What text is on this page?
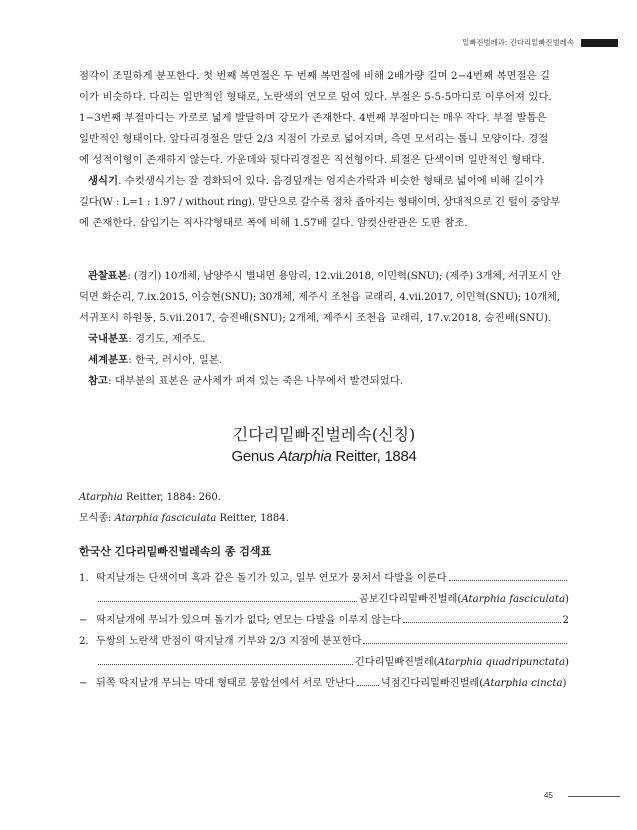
밑빠진벌레과: 긴다리밑빠진벌레속

점각이 조밀하게 분포한다. 첫 번째 복면절은 두 번째 복면절에 비해 2배가량 길며 2−4번째 복면절은 길

이가 비슷하다. 다리는 일반적인 형태로, 노란색의 연모로 덮여 있다. 부절은 5-5-5마디로 이루어져 있다.

1−3번째 부절마디는 가로로 넓게 발달하며 강모가 존재한다. 4번째 부절마디는 매우 작다. 부절 발톱은

일반적인 형태이다. 앞다리경절은 말단 2/3 지점이 가로로 넓어지며, 측면 모서리는 톱니 모양이다. 경절

에 성적이형이 존재하지 않는다. 가운데와 뒷다리경절은 직선형이다. 퇴절은 단색이며 일반적인 형태다.

생식기. 수컷생식기는 잘 경화되어 있다. 음경덮개는 엄지손가락과 비슷한 형태로 넓이에 비해 길이가

길다(W : L=1 : 1.97 / without ring). 말단으로 갈수록 점차 좁아지는 형태이며, 상대적으로 긴 털이 중앙부

에 존재한다. 삽입기는 직사각형태로 폭에 비해 1.57배 길다. 암컷산란관은 도판 참조.

관찰표본: (경기) 10개체, 남양주시 별내면 용암리, 12.vii.2018, 이민혁(SNU); (제주) 3개체, 서귀포시 안

덕면 화순리, 7.ix.2015, 이승현(SNU); 30개체, 제주시 조천읍 교래리, 4.vii.2017, 이민혁(SNU); 10개체,

서귀포시 하원동, 5.vii.2017, 승진배(SNU); 2개체, 제주시 조천읍 교래리, 17.v.2018, 승진배(SNU).

국내분포: 경기도, 제주도.

세계분포: 한국, 러시아, 일본.

참고: 대부분의 표본은 균사체가 퍼져 있는 죽은 나무에서 발견되었다.

긴다리밑빠진벌레속(신칭)
Genus Atarphia Reitter, 1884
Atarphia Reitter, 1884: 260.
모식종: Atarphia fasciculata Reitter, 1884.
한국산 긴다리밑빠진벌레속의 종 검색표
1. 딱지날개는 단색이며 혹과 같은 돌기가 있고, 일부 연모가 뭉쳐서 다발을 이룬다
곰보긴다리밑빠진벌레(Atarphia fasciculata)
− 딱지날개에 무늬가 있으며 돌기가 없다; 연모는 다발을 이루지 않는다	2
2. 두쌍의 노란색 반점이 딱지날개 기부와 2/3 지점에 분포한다
긴다리밑빠진벌레(Atarphia quadripunctata)
− 뒤쪽 딱지날개 무늬는 막대 형태로 봉합선에서 서로 만난다	넉점긴다리밑빠진벌레(Atarphia cincta)
45
